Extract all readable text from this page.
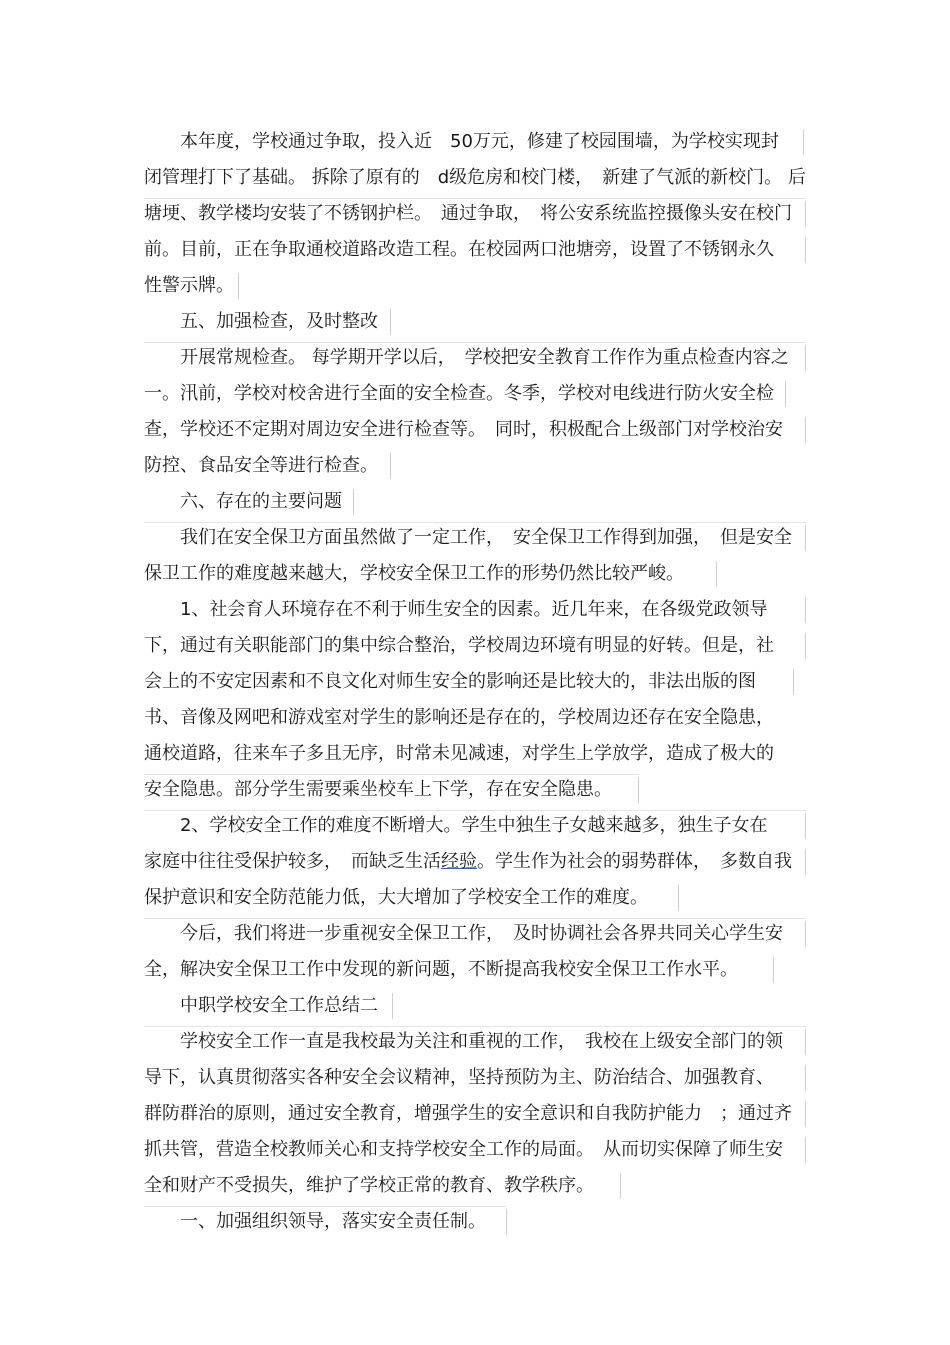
　　本年度，学校通过争取，投入近　50万元，修建了校园围墙，为学校实现封
闭管理打下了基础。 拆除了原有的　d级危房和校门楼，　新建了气派的新校门。 后
塘埂、教学楼均安装了不锈钢护栏。　通过争取，　将公安系统监控摄像头安在校门
前。目前，正在争取通校道路改造工程。在校园两口池塘旁，设置了不锈钢永久
性警示牌。
　　五、加强检查，及时整改
　　开展常规检查。 每学期开学以后，　学校把安全教育工作作为重点检查内容之
一。汛前，学校对校舍进行全面的安全检查。冬季，学校对电线进行防火安全检
查，学校还不定期对周边安全进行检查等。　同时，积极配合上级部门对学校治安
防控、食品安全等进行检查。
　　六、存在的主要问题
　　我们在安全保卫方面虽然做了一定工作，　安全保卫工作得到加强，　但是安全
保卫工作的难度越来越大，学校安全保卫工作的形势仍然比较严峻。
　　1、社会育人环境存在不利于师生安全的因素。近几年来，在各级党政领导
下，通过有关职能部门的集中综合整治，学校周边环境有明显的好转。但是，社
会上的不安定因素和不良文化对师生安全的影响还是比较大的，非法出版的图
书、音像及网吧和游戏室对学生的影响还是存在的，学校周边还存在安全隐患，
通校道路，往来车子多且无序，时常未见减速，对学生上学放学，造成了极大的
安全隐患。部分学生需要乘坐校车上下学，存在安全隐患。
　　2、学校安全工作的难度不断增大。学生中独生子女越来越多，独生子女在
家庭中往往受保护较多，　而缺乏生活经验。学生作为社会的弱势群体，　多数自我
保护意识和安全防范能力低，大大增加了学校安全工作的难度。
　　今后，我们将进一步重视安全保卫工作，　及时协调社会各界共同关心学生安
全，解决安全保卫工作中发现的新问题，不断提高我校安全保卫工作水平。
　　中职学校安全工作总结二
　　学校安全工作一直是我校最为关注和重视的工作，　我校在上级安全部门的领
导下，认真贯彻落实各种安全会议精神，坚持预防为主、防治结合、加强教育、
群防群治的原则，通过安全教育，增强学生的安全意识和自我防护能力　；通过齐
抓共管，营造全校教师关心和支持学校安全工作的局面。　从而切实保障了师生安
全和财产不受损失，维护了学校正常的教育、教学秩序。
　　一、加强组织领导，落实安全责任制。
